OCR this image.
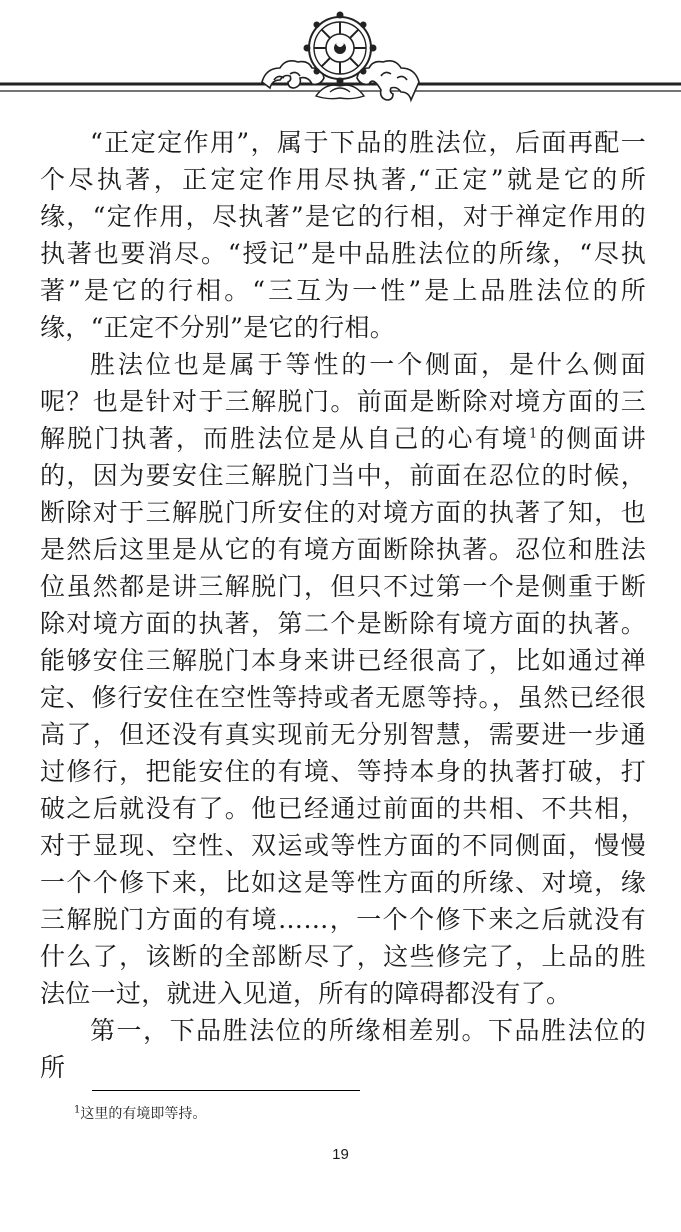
“正定定作用”，属于下品的胜法位，后面再配一个尽执著，正定定作用尽执著,“正定”就是它的所缘，“定作用，尽执著”是它的行相，对于禅定作用的执著也要消尽。“授记”是中品胜法位的所缘，“尽执著”是它的行相。“三互为一性”是上品胜法位的所缘，“正定不分别”是它的行相。

胜法位也是属于等性的一个侧面，是什么侧面呢？也是针对于三解脱门。前面是断除对境方面的三解脱门执著，而胜法位是从自己的心有境$^1$的侧面讲的，因为要安住三解脱门当中，前面在忍位的时候，断除对于三解脱门所安住的对境方面的执著了知，也是然后这里是从它的有境方面断除执著。忍位和胜法位虽然都是讲三解脱门，但只不过第一个是侧重于断除对境方面的执著，第二个是断除有境方面的执著。能够安住三解脱门本身来讲已经很高了，比如通过禅定、修行安住在空性等持或者无愿等持。，虽然已经很高了，但还没有真实现前无分别智慧，需要进一步通过修行，把能安住的有境、等持本身的执著打破，打破之后就没有了。他已经通过前面的共相、不共相，对于显现、空性、双运或等性方面的不同侧面，慢慢一个个修下来，比如这是等性方面的所缘、对境，缘三解脱门方面的有境……，一个个修下来之后就没有什么了，该断的全部断尽了，这些修完了，上品的胜法位一过，就进入见道，所有的障碍都没有了。

第一，下品胜法位的所缘相差别。下品胜法位的所

$^1$这里的有境即等持。
19
